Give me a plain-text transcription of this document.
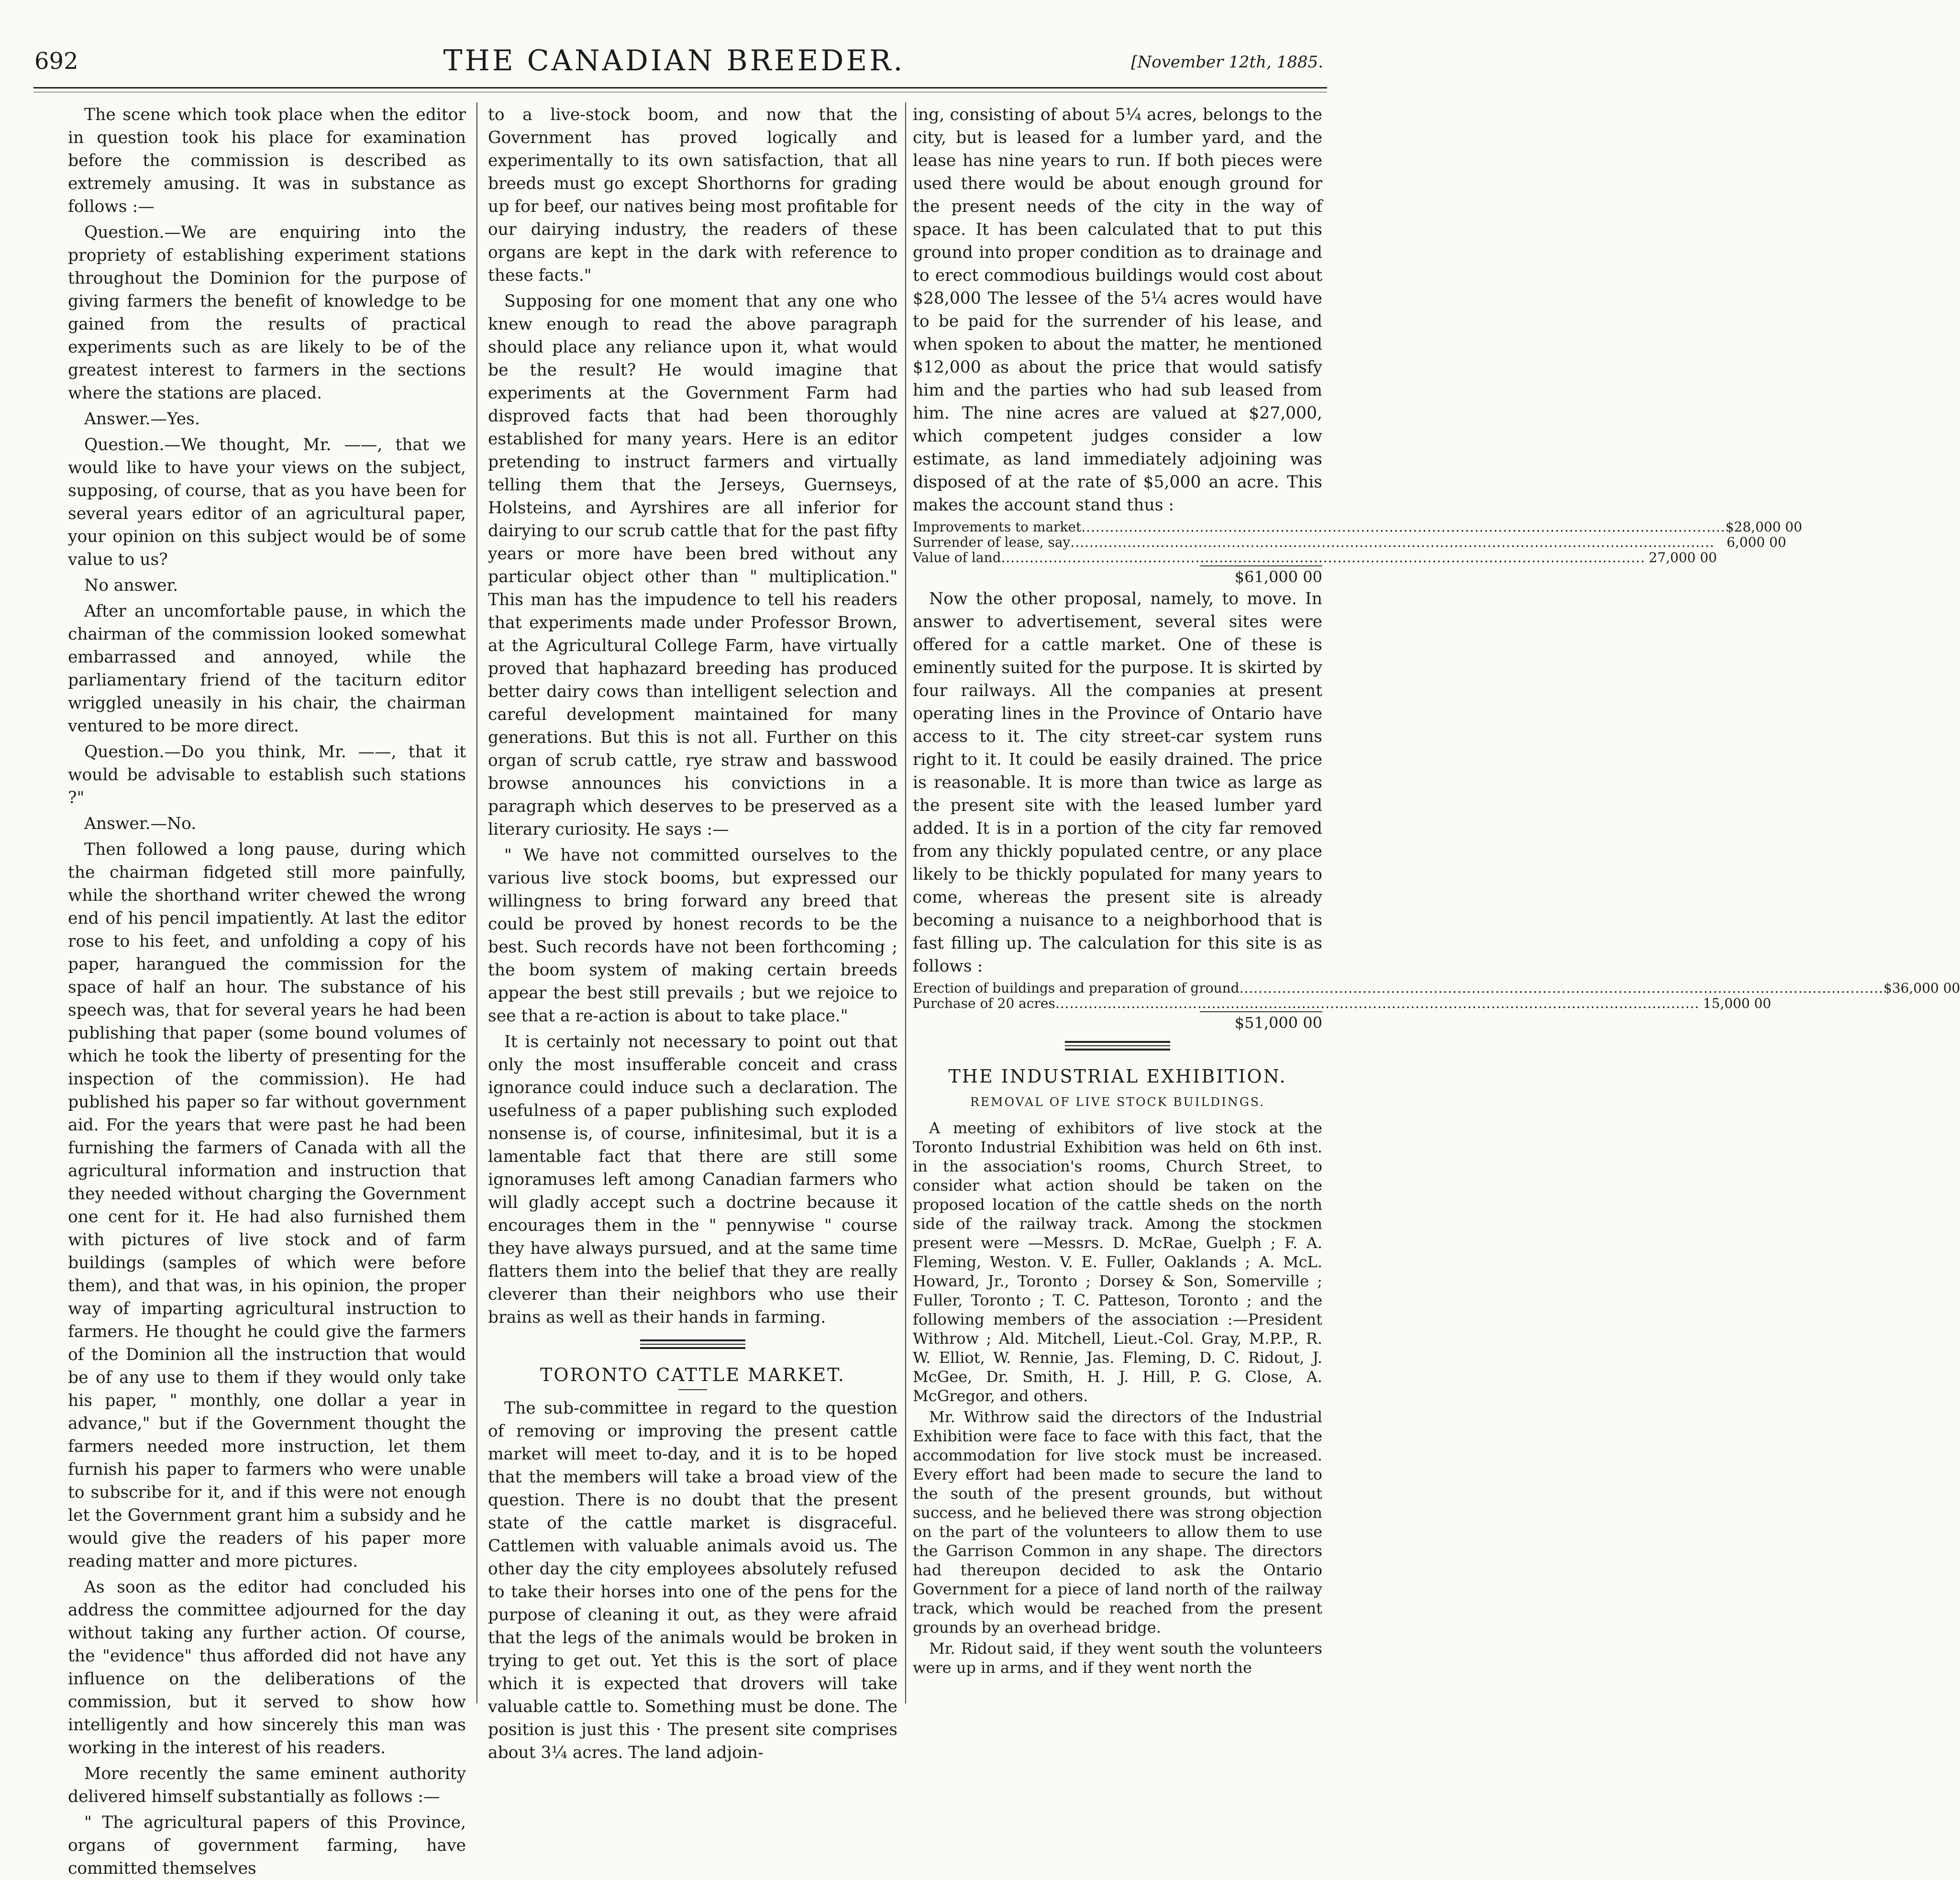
692	THE CANADIAN BREEDER.	[November 12th, 1885.

The scene which took place when the editor in question took his place for examination before the commission is described as extremely amusing. It was in substance as follows :—

Question.—We are enquiring into the propriety of establishing experiment stations throughout the Dominion for the purpose of giving farmers the benefit of knowledge to be gained from the results of practical experiments such as are likely to be of the greatest interest to farmers in the sections where the stations are placed.

Answer.—Yes.

Question.—We thought, Mr. ——, that we would like to have your views on the subject, supposing, of course, that as you have been for several years editor of an agricultural paper, your opinion on this subject would be of some value to us?

No answer.

After an uncomfortable pause, in which the chairman of the commission looked somewhat embarrassed and annoyed, while the parliamentary friend of the taciturn editor wriggled uneasily in his chair, the chairman ventured to be more direct.

Question.—Do you think, Mr. ——, that it would be advisable to establish such stations ?"

Answer.—No.

Then followed a long pause, during which the chairman fidgeted still more painfully, while the shorthand writer chewed the wrong end of his pencil impatiently. At last the editor rose to his feet, and unfolding a copy of his paper, harangued the commission for the space of half an hour. The substance of his speech was, that for several years he had been publishing that paper (some bound volumes of which he took the liberty of presenting for the inspection of the commission). He had published his paper so far without government aid. For the years that were past he had been furnishing the farmers of Canada with all the agricultural information and instruction that they needed without charging the Government one cent for it. He had also furnished them with pictures of live stock and of farm buildings (samples of which were before them), and that was, in his opinion, the proper way of imparting agricultural instruction to farmers. He thought he could give the farmers of the Dominion all the instruction that would be of any use to them if they would only take his paper, " monthly, one dollar a year in advance," but if the Government thought the farmers needed more instruction, let them furnish his paper to farmers who were unable to subscribe for it, and if this were not enough let the Government grant him a subsidy and he would give the readers of his paper more reading matter and more pictures.

As soon as the editor had concluded his address the committee adjourned for the day without taking any further action. Of course, the "evidence" thus afforded did not have any influence on the deliberations of the commission, but it served to show how intelligently and how sincerely this man was working in the interest of his readers.

More recently the same eminent authority delivered himself substantially as follows :—

" The agricultural papers of this Province, organs of government farming, have committed themselves

to a live-stock boom, and now that the Government has proved logically and experimentally to its own satisfaction, that all breeds must go except Shorthorns for grading up for beef, our natives being most profitable for our dairying industry, the readers of these organs are kept in the dark with reference to these facts."

Supposing for one moment that any one who knew enough to read the above paragraph should place any reliance upon it, what would be the result? He would imagine that experiments at the Government Farm had disproved facts that had been thoroughly established for many years. Here is an editor pretending to instruct farmers and virtually telling them that the Jerseys, Guernseys, Holsteins, and Ayrshires are all inferior for dairying to our scrub cattle that for the past fifty years or more have been bred without any particular object other than " multiplication." This man has the impudence to tell his readers that experiments made under Professor Brown, at the Agricultural College Farm, have virtually proved that haphazard breeding has produced better dairy cows than intelligent selection and careful development maintained for many generations. But this is not all. Further on this organ of scrub cattle, rye straw and basswood browse announces his convictions in a paragraph which deserves to be preserved as a literary curiosity. He says :—

" We have not committed ourselves to the various live stock booms, but expressed our willingness to bring forward any breed that could be proved by honest records to be the best. Such records have not been forthcoming ; the boom system of making certain breeds appear the best still prevails ; but we rejoice to see that a re-action is about to take place."

It is certainly not necessary to point out that only the most insufferable conceit and crass ignorance could induce such a declaration. The usefulness of a paper publishing such exploded nonsense is, of course, infinitesimal, but it is a lamentable fact that there are still some ignoramuses left among Canadian farmers who will gladly accept such a doctrine because it encourages them in the " pennywise " course they have always pursued, and at the same time flatters them into the belief that they are really cleverer than their neighbors who use their brains as well as their hands in farming.

TORONTO CATTLE MARKET.

The sub-committee in regard to the question of removing or improving the present cattle market will meet to-day, and it is to be hoped that the members will take a broad view of the question. There is no doubt that the present state of the cattle market is disgraceful. Cattlemen with valuable animals avoid us. The other day the city employees absolutely refused to take their horses into one of the pens for the purpose of cleaning it out, as they were afraid that the legs of the animals would be broken in trying to get out. Yet this is the sort of place which it is expected that drovers will take valuable cattle to. Something must be done. The position is just this · The present site comprises about 3¼ acres. The land adjoin-

ing, consisting of about 5¼ acres, belongs to the city, but is leased for a lumber yard, and the lease has nine years to run. If both pieces were used there would be about enough ground for the present needs of the city in the way of space. It has been calculated that to put this ground into proper condition as to drainage and to erect commodious buildings would cost about $28,000 The lessee of the 5¼ acres would have to be paid for the surrender of his lease, and when spoken to about the matter, he mentioned $12,000 as about the price that would satisfy him and the parties who had sub leased from him. The nine acres are valued at $27,000, which competent judges consider a low estimate, as land immediately adjoining was disposed of at the rate of $5,000 an acre. This makes the account stand thus :

Improvements to market .....	$28,000 00
Surrender of lease, say .....	6,000 00
Value of land .....	27,000 00
$61,000 00

Now the other proposal, namely, to move. In answer to advertisement, several sites were offered for a cattle market. One of these is eminently suited for the purpose. It is skirted by four railways. All the companies at present operating lines in the Province of Ontario have access to it. The city street-car system runs right to it. It could be easily drained. The price is reasonable. It is more than twice as large as the present site with the leased lumber yard added. It is in a portion of the city far removed from any thickly populated centre, or any place likely to be thickly populated for many years to come, whereas the present site is already becoming a nuisance to a neighborhood that is fast filling up. The calculation for this site is as follows :

Erection of buildings and preparation of ground .....	$36,000 00
Purchase of 20 acres .....	15,000 00
$51,000 00
THE INDUSTRIAL EXHIBITION.
REMOVAL OF LIVE STOCK BUILDINGS.

A meeting of exhibitors of live stock at the Toronto Industrial Exhibition was held on 6th inst. in the association's rooms, Church Street, to consider what action should be taken on the proposed location of the cattle sheds on the north side of the railway track. Among the stockmen present were —Messrs. D. McRae, Guelph ; F. A. Fleming, Weston. V. E. Fuller, Oaklands ; A. McL. Howard, Jr., Toronto ; Dorsey & Son, Somerville ; Fuller, Toronto ; T. C. Patteson, Toronto ; and the following members of the association :—President Withrow ; Ald. Mitchell, Lieut.-Col. Gray, M.P.P., R. W. Elliot, W. Rennie, Jas. Fleming, D. C. Ridout, J. McGee, Dr. Smith, H. J. Hill, P. G. Close, A. McGregor, and others.

Mr. Withrow said the directors of the Industrial Exhibition were face to face with this fact, that the accommodation for live stock must be increased. Every effort had been made to secure the land to the south of the present grounds, but without success, and he believed there was strong objection on the part of the volunteers to allow them to use the Garrison Common in any shape. The directors had thereupon decided to ask the Ontario Government for a piece of land north of the railway track, which would be reached from the present grounds by an overhead bridge.

Mr. Ridout said, if they went south the volunteers were up in arms, and if they went north the
